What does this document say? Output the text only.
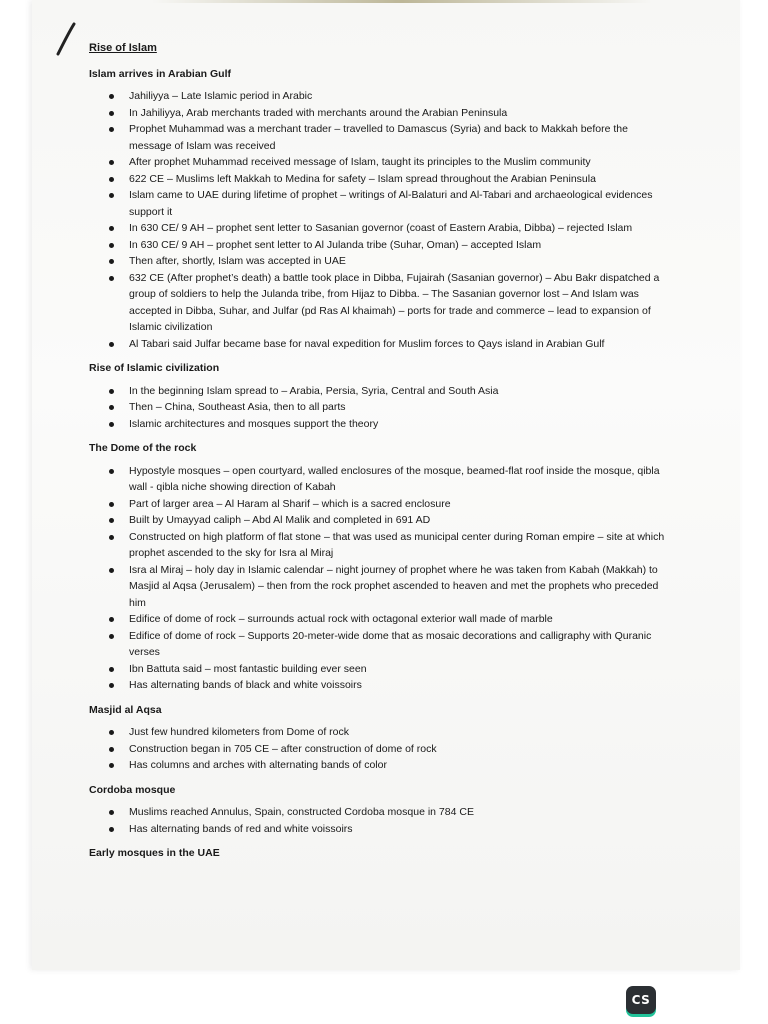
Rise of Islam
Islam arrives in Arabian Gulf
Jahiliyya – Late Islamic period in Arabic
In Jahiliyya, Arab merchants traded with merchants around the Arabian Peninsula
Prophet Muhammad was a merchant trader – travelled to Damascus (Syria) and back to Makkah before the message of Islam was received
After prophet Muhammad received message of Islam, taught its principles to the Muslim community
622 CE – Muslims left Makkah to Medina for safety – Islam spread throughout the Arabian Peninsula
Islam came to UAE during lifetime of prophet – writings of Al-Balaturi and Al-Tabari and archaeological evidences support it
In 630 CE/ 9 AH – prophet sent letter to Sasanian governor (coast of Eastern Arabia, Dibba) – rejected Islam
In 630 CE/ 9 AH – prophet sent letter to Al Julanda tribe (Suhar, Oman) – accepted Islam
Then after, shortly, Islam was accepted in UAE
632 CE (After prophet’s death) a battle took place in Dibba, Fujairah (Sasanian governor) – Abu Bakr dispatched a group of soldiers to help the Julanda tribe, from Hijaz to Dibba. – The Sasanian governor lost – And Islam was accepted in Dibba, Suhar, and Julfar (pd Ras Al khaimah) – ports for trade and commerce – lead to expansion of Islamic civilization
Al Tabari said Julfar became base for naval expedition for Muslim forces to Qays island in Arabian Gulf
Rise of Islamic civilization
In the beginning Islam spread to – Arabia, Persia, Syria, Central and South Asia
Then – China, Southeast Asia, then to all parts
Islamic architectures and mosques support the theory
The Dome of the rock
Hypostyle mosques – open courtyard, walled enclosures of the mosque, beamed-flat roof inside the mosque, qibla wall - qibla niche showing direction of Kabah
Part of larger area – Al Haram al Sharif – which is a sacred enclosure
Built by Umayyad caliph – Abd Al Malik and completed in 691 AD
Constructed on high platform of flat stone – that was used as municipal center during Roman empire – site at which prophet ascended to the sky for Isra al Miraj
Isra al Miraj – holy day in Islamic calendar – night journey of prophet where he was taken from Kabah (Makkah) to Masjid al Aqsa (Jerusalem) – then from the rock prophet ascended to heaven and met the prophets who preceded him
Edifice of dome of rock – surrounds actual rock with octagonal exterior wall made of marble
Edifice of dome of rock – Supports 20-meter-wide dome that as mosaic decorations and calligraphy with Quranic verses
Ibn Battuta said – most fantastic building ever seen
Has alternating bands of black and white voissoirs
Masjid al Aqsa
Just few hundred kilometers from Dome of rock
Construction began in 705 CE – after construction of dome of rock
Has columns and arches with alternating bands of color
Cordoba mosque
Muslims reached Annulus, Spain, constructed Cordoba mosque in 784 CE
Has alternating bands of red and white voissoirs
Early mosques in the UAE
CS
